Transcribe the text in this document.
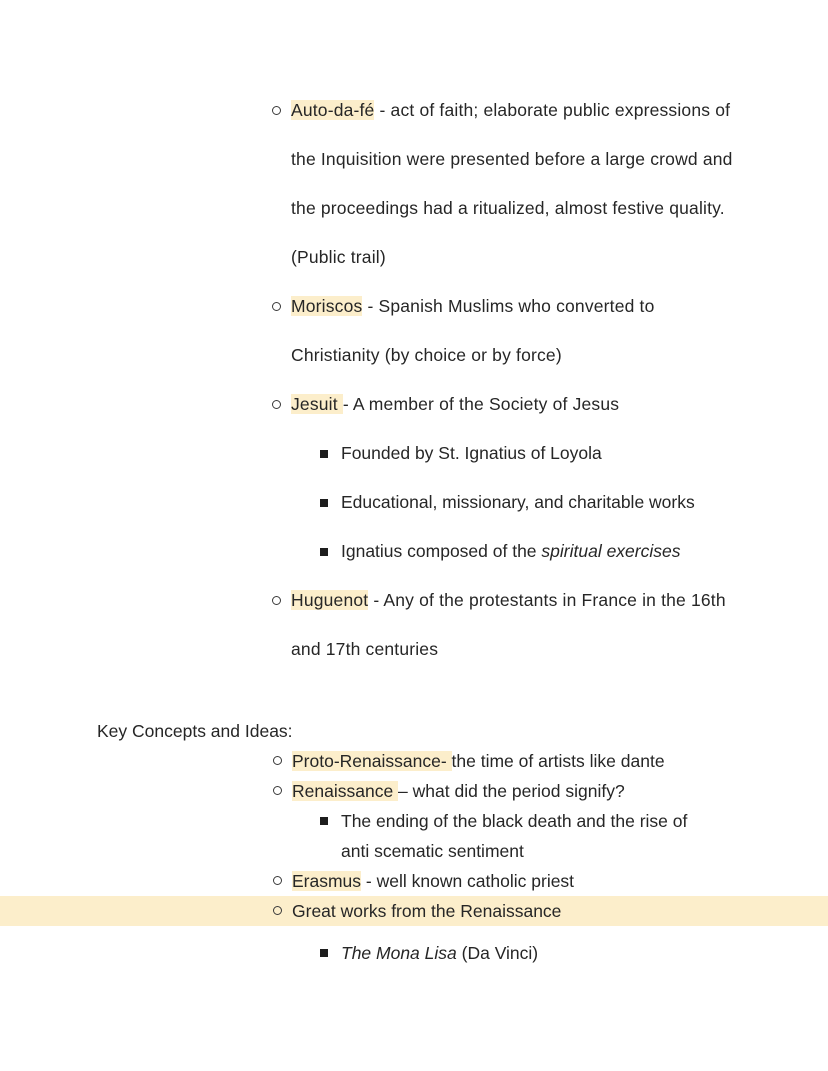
Auto-da-fé - act of faith; elaborate public expressions of the Inquisition were presented before a large crowd and the proceedings had a ritualized, almost festive quality. (Public trail)

Moriscos - Spanish Muslims who converted to Christianity (by choice or by force)

Jesuit - A member of the Society of Jesus

Founded by St. Ignatius of Loyola

Educational, missionary, and charitable works

Ignatius composed of the spiritual exercises

Huguenot - Any of the protestants in France in the 16th and 17th centuries

Key Concepts and Ideas:

Proto-Renaissance- the time of artists like dante

Renaissance – what did the period signify?

The ending of the black death and the rise of anti scematic sentiment

Erasmus - well known catholic priest

Great works from the Renaissance

The Mona Lisa (Da Vinci)
